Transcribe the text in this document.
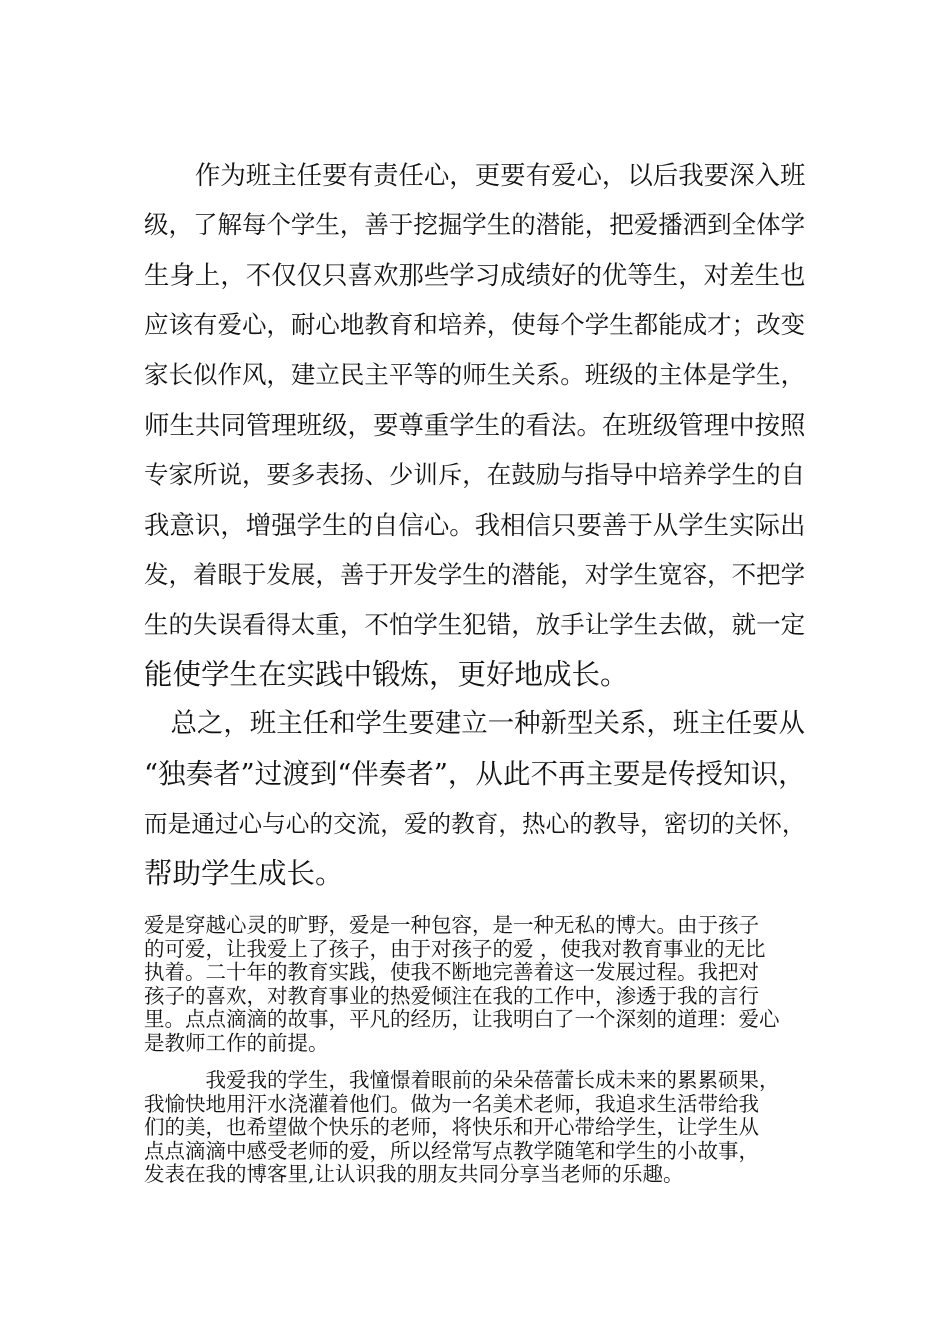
　　作为班主任要有责任心，更要有爱心，以后我要深入班
级，了解每个学生，善于挖掘学生的潜能，把爱播洒到全体学
生身上，不仅仅只喜欢那些学习成绩好的优等生，对差生也
应该有爱心，耐心地教育和培养，使每个学生都能成才；改变
家长似作风，建立民主平等的师生关系。班级的主体是学生，
师生共同管理班级，要尊重学生的看法。在班级管理中按照
专家所说，要多表扬、少训斥，在鼓励与指导中培养学生的自
我意识，增强学生的自信心。我相信只要善于从学生实际出
发，着眼于发展，善于开发学生的潜能，对学生宽容，不把学
生的失误看得太重，不怕学生犯错，放手让学生去做，就一定
能使学生在实践中锻炼，更好地成长。
　总之，班主任和学生要建立一种新型关系，班主任要从
“独奏者”过渡到“伴奏者”，从此不再主要是传授知识，
而是通过心与心的交流，爱的教育，热心的教导，密切的关怀，
帮助学生成长。
爱是穿越心灵的旷野，爱是一种包容，是一种无私的博大。由于孩子
的可爱，让我爱上了孩子，由于对孩子的爱 ，使我对教育事业的无比
执着。二十年的教育实践，使我不断地完善着这一发展过程。我把对
孩子的喜欢，对教育事业的热爱倾注在我的工作中，渗透于我的言行
里。点点滴滴的故事，平凡的经历，让我明白了一个深刻的道理：爱心
是教师工作的前提。
　　　我爱我的学生，我憧憬着眼前的朵朵蓓蕾长成未来的累累硕果，
我愉快地用汗水浇灌着他们。做为一名美术老师，我追求生活带给我
们的美，也希望做个快乐的老师，将快乐和开心带给学生，让学生从
点点滴滴中感受老师的爱，所以经常写点教学随笔和学生的小故事，
发表在我的博客里,让认识我的朋友共同分享当老师的乐趣。
